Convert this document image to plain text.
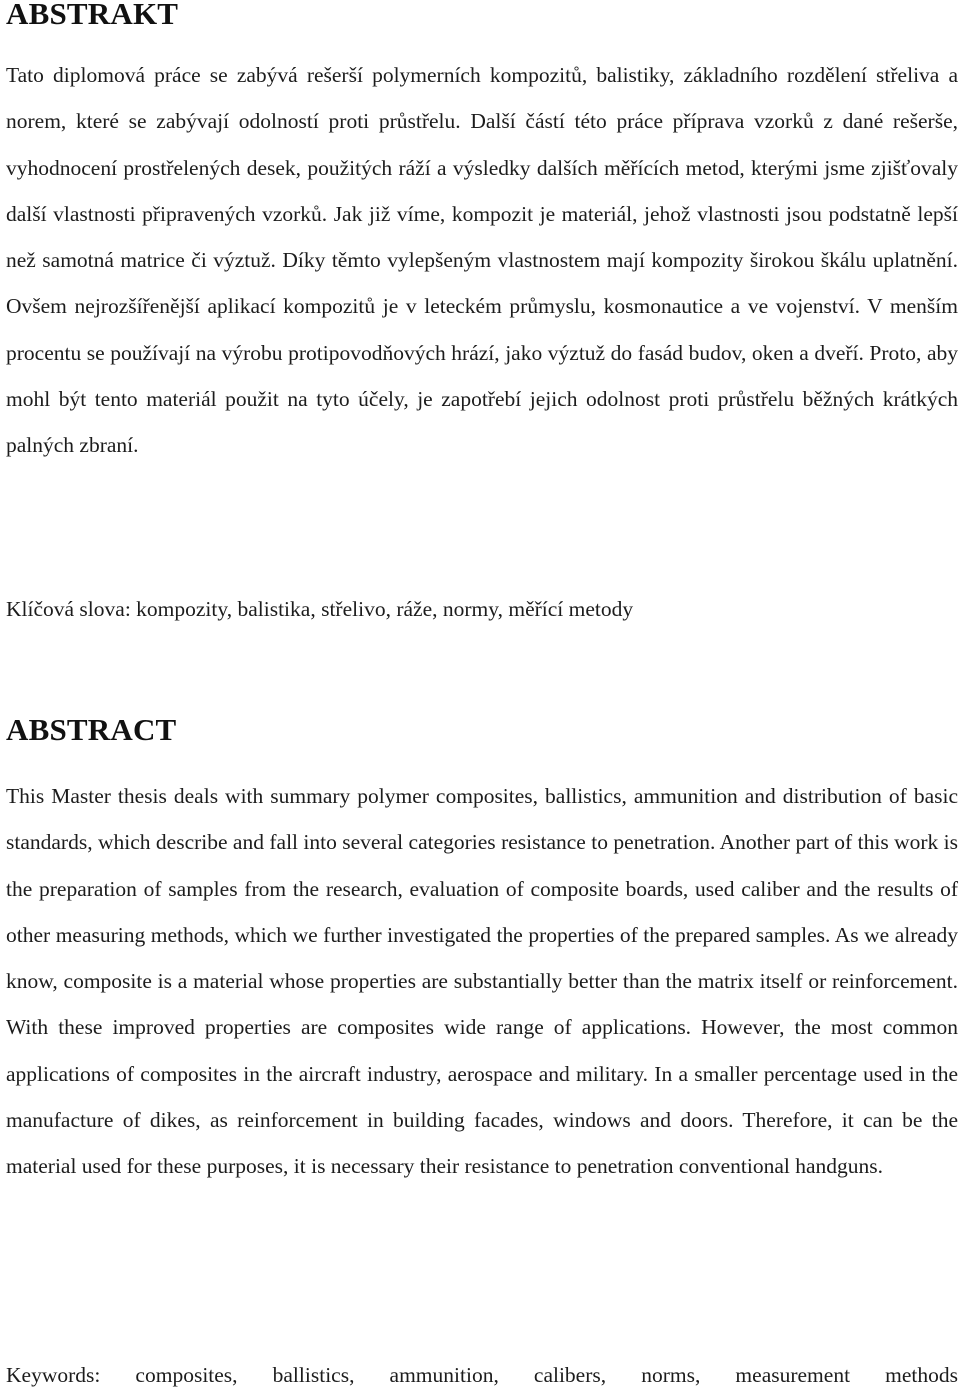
ABSTRAKT

Tato diplomová práce se zabývá rešerší polymerních kompozitů, balistiky, základního rozdělení střeliva a norem, které se zabývají odolností proti průstřelu. Další částí této práce příprava vzorků z dané rešerše, vyhodnocení prostřelených desek, použitých ráží a výsledky dalších měřících metod, kterými jsme zjišťovaly další vlastnosti připravených vzorků. Jak již víme, kompozit je materiál, jehož vlastnosti jsou podstatně lepší než samotná matrice či výztuž. Díky těmto vylepšeným vlastnostem mají kompozity širokou škálu uplatnění. Ovšem nejrozšířenější aplikací kompozitů je v leteckém průmyslu, kosmonautice a ve vojenství. V menším procentu se používají na výrobu protipovodňových hrází, jako výztuž do fasád budov, oken a dveří. Proto, aby mohl být tento materiál použit na tyto účely, je zapotřebí jejich odolnost proti průstřelu běžných krátkých palných zbraní.

Klíčová slova: kompozity, balistika, střelivo, ráže, normy, měřící metody

ABSTRACT

This Master thesis deals with summary polymer composites, ballistics, ammunition and distribution of basic standards, which describe and fall into several categories resistance to penetration. Another part of this work is the preparation of samples from the research, evaluation of composite boards, used caliber and the results of other measuring methods, which we further investigated the properties of the prepared samples. As we already know, composite is a material whose properties are substantially better than the matrix itself or reinforcement. With these improved properties are composites wide range of applications. However, the most common applications of composites in the aircraft industry, aerospace and military. In a smaller percentage used in the manufacture of dikes, as reinforcement in building facades, windows and doors. Therefore, it can be the material used for these purposes, it is necessary their resistance to penetration conventional handguns.

Keywords: composites, ballistics, ammunition, calibers, norms, measurement methods
